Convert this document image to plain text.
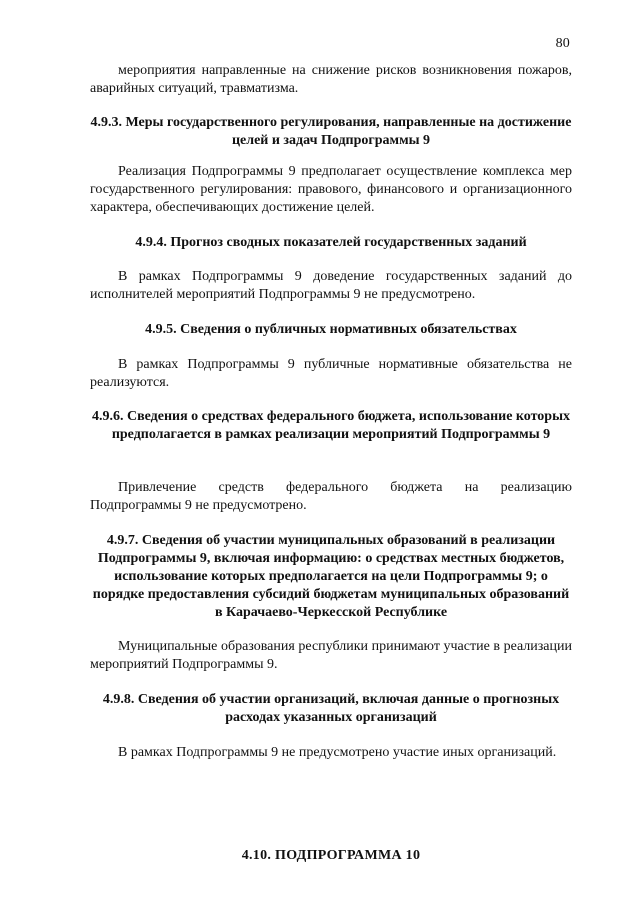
80

мероприятия направленные на снижение рисков возникновения пожаров, аварийных ситуаций, травматизма.

4.9.3. Меры государственного регулирования, направленные на достижение целей и задач Подпрограммы 9

Реализация Подпрограммы 9 предполагает осуществление комплекса мер государственного регулирования: правового, финансового и организационного характера, обеспечивающих достижение целей.

4.9.4. Прогноз сводных показателей государственных заданий

В рамках Подпрограммы 9 доведение государственных заданий до исполнителей мероприятий Подпрограммы 9 не предусмотрено.

4.9.5. Сведения о публичных нормативных обязательствах

В рамках Подпрограммы 9 публичные нормативные обязательства не реализуются.

4.9.6. Сведения о средствах федерального бюджета, использование которых предполагается в рамках реализации мероприятий Подпрограммы 9

Привлечение средств федерального бюджета на реализацию Подпрограммы 9 не предусмотрено.

4.9.7. Сведения об участии муниципальных образований в реализации Подпрограммы 9, включая информацию: о средствах местных бюджетов, использование которых предполагается на цели Подпрограммы 9; о порядке предоставления субсидий бюджетам муниципальных образований в Карачаево-Черкесской Республике

Муниципальные образования республики принимают участие в реализации мероприятий Подпрограммы 9.

4.9.8. Сведения об участии организаций, включая данные о прогнозных расходах указанных организаций

В рамках Подпрограммы 9 не предусмотрено участие иных организаций.

4.10. ПОДПРОГРАММА 10
